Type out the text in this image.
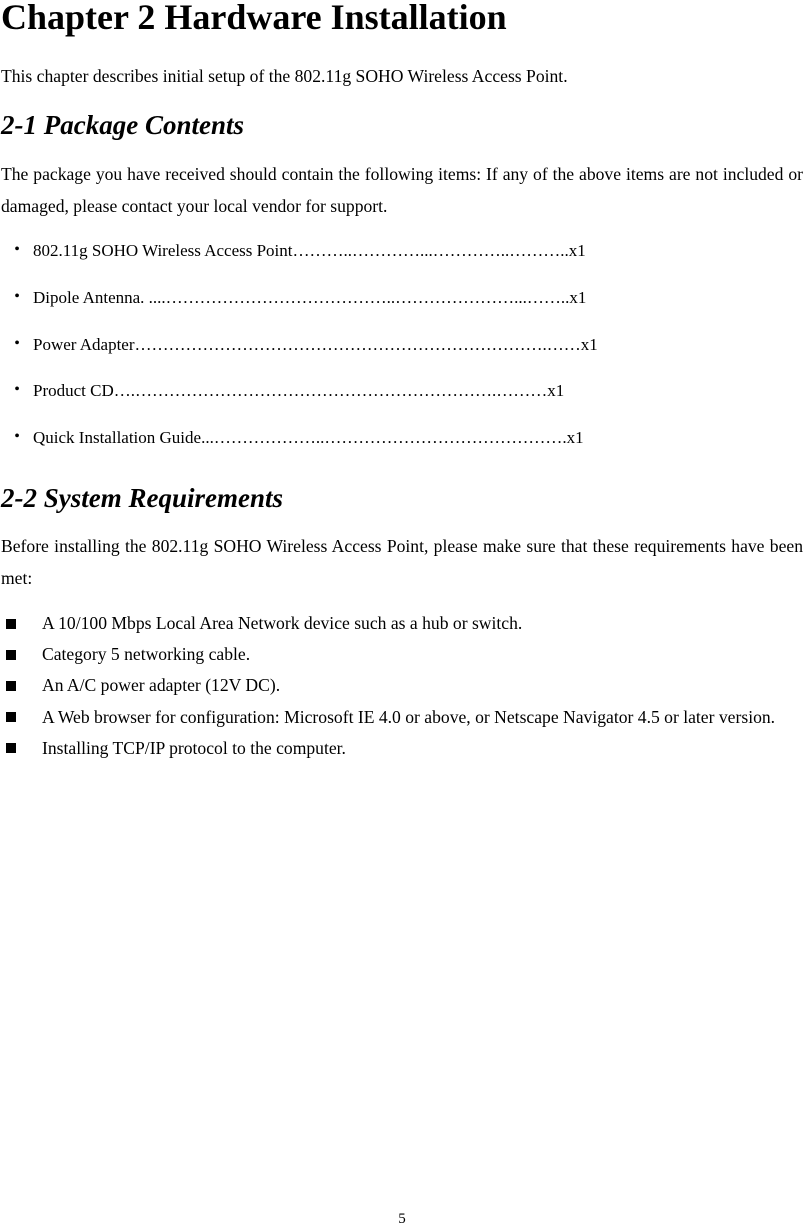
Chapter 2 Hardware Installation

This chapter describes initial setup of the 802.11g SOHO Wireless Access Point.

2-1 Package Contents

The package you have received should contain the following items: If any of the above items are not included or damaged, please contact your local vendor for support.

• 802.11g SOHO Wireless Access Point………..…………...…………..………..x1
• Dipole Antenna. ....…………………………………..…………………...……..x1
• Power Adapter……………………………………………………………….……x1
• Product CD….……………………………………………………….………x1
• Quick Installation Guide...………………..…………………………………….x1
2-2 System Requirements

Before installing the 802.11g SOHO Wireless Access Point, please make sure that these requirements have been met:

A 10/100 Mbps Local Area Network device such as a hub or switch.
Category 5 networking cable.
An A/C power adapter (12V DC).
A Web browser for configuration: Microsoft IE 4.0 or above, or Netscape Navigator 4.5 or later version.
Installing TCP/IP protocol to the computer.

5
